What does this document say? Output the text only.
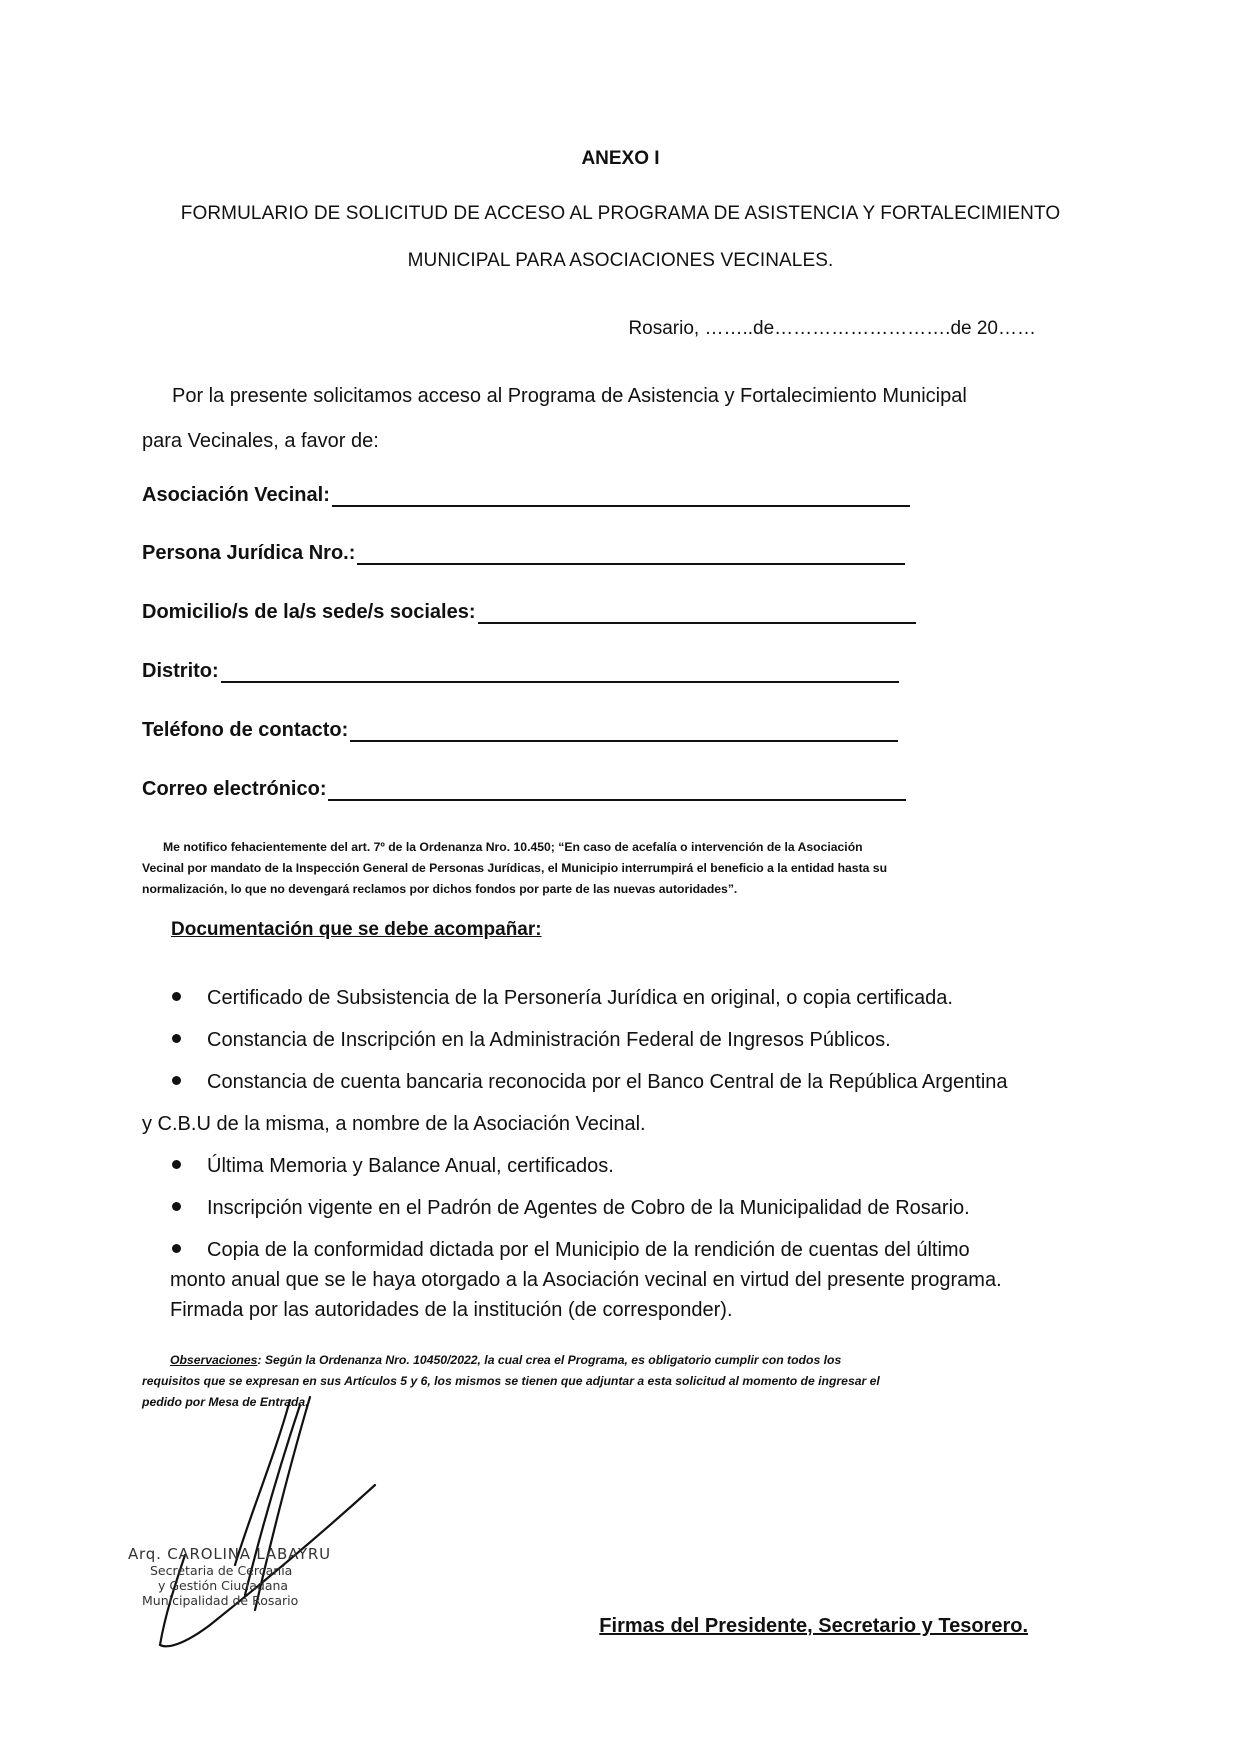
ANEXO I
FORMULARIO DE SOLICITUD DE ACCESO AL PROGRAMA DE ASISTENCIA Y FORTALECIMIENTO
MUNICIPAL PARA ASOCIACIONES VECINALES.
Rosario, ……..de……………………….de 20……
Por la presente solicitamos acceso al Programa de Asistencia y Fortalecimiento Municipal
para Vecinales, a favor de:
Asociación Vecinal:
Persona Jurídica Nro.:
Domicilio/s de la/s sede/s sociales:
Distrito:
Teléfono de contacto:
Correo electrónico:
Me notifico fehacientemente del art. 7º de la Ordenanza Nro. 10.450; “En caso de acefalía o intervención de la Asociación
Vecinal por mandato de la Inspección General de Personas Jurídicas, el Municipio interrumpirá el beneficio a la entidad hasta su
normalización, lo que no devengará reclamos por dichos fondos por parte de las nuevas autoridades”.
Documentación que se debe acompañar:
Certificado de Subsistencia de la Personería Jurídica en original, o copia certificada.
Constancia de Inscripción en la Administración Federal de Ingresos Públicos.
Constancia de cuenta bancaria reconocida por el Banco Central de la República Argentina
y C.B.U de la misma, a nombre de la Asociación Vecinal.
Última Memoria y Balance Anual, certificados.
Inscripción vigente en el Padrón de Agentes de Cobro de la Municipalidad de Rosario.
Copia de la conformidad dictada por el Municipio de la rendición de cuentas del último
monto anual que se le haya otorgado a la Asociación vecinal en virtud del presente programa.
Firmada por las autoridades de la institución (de corresponder).
Observaciones: Según la Ordenanza Nro. 10450/2022, la cual crea el Programa, es obligatorio cumplir con todos los
requisitos que se expresan en sus Artículos 5 y 6, los mismos se tienen que adjuntar a esta solicitud al momento de ingresar el
pedido por Mesa de Entrada.
Arq. CAROLINA LABAYRU
Secretaria de Cercanía
y Gestión Ciudadana
Municipalidad de Rosario
Firmas del Presidente, Secretario y Tesorero.
